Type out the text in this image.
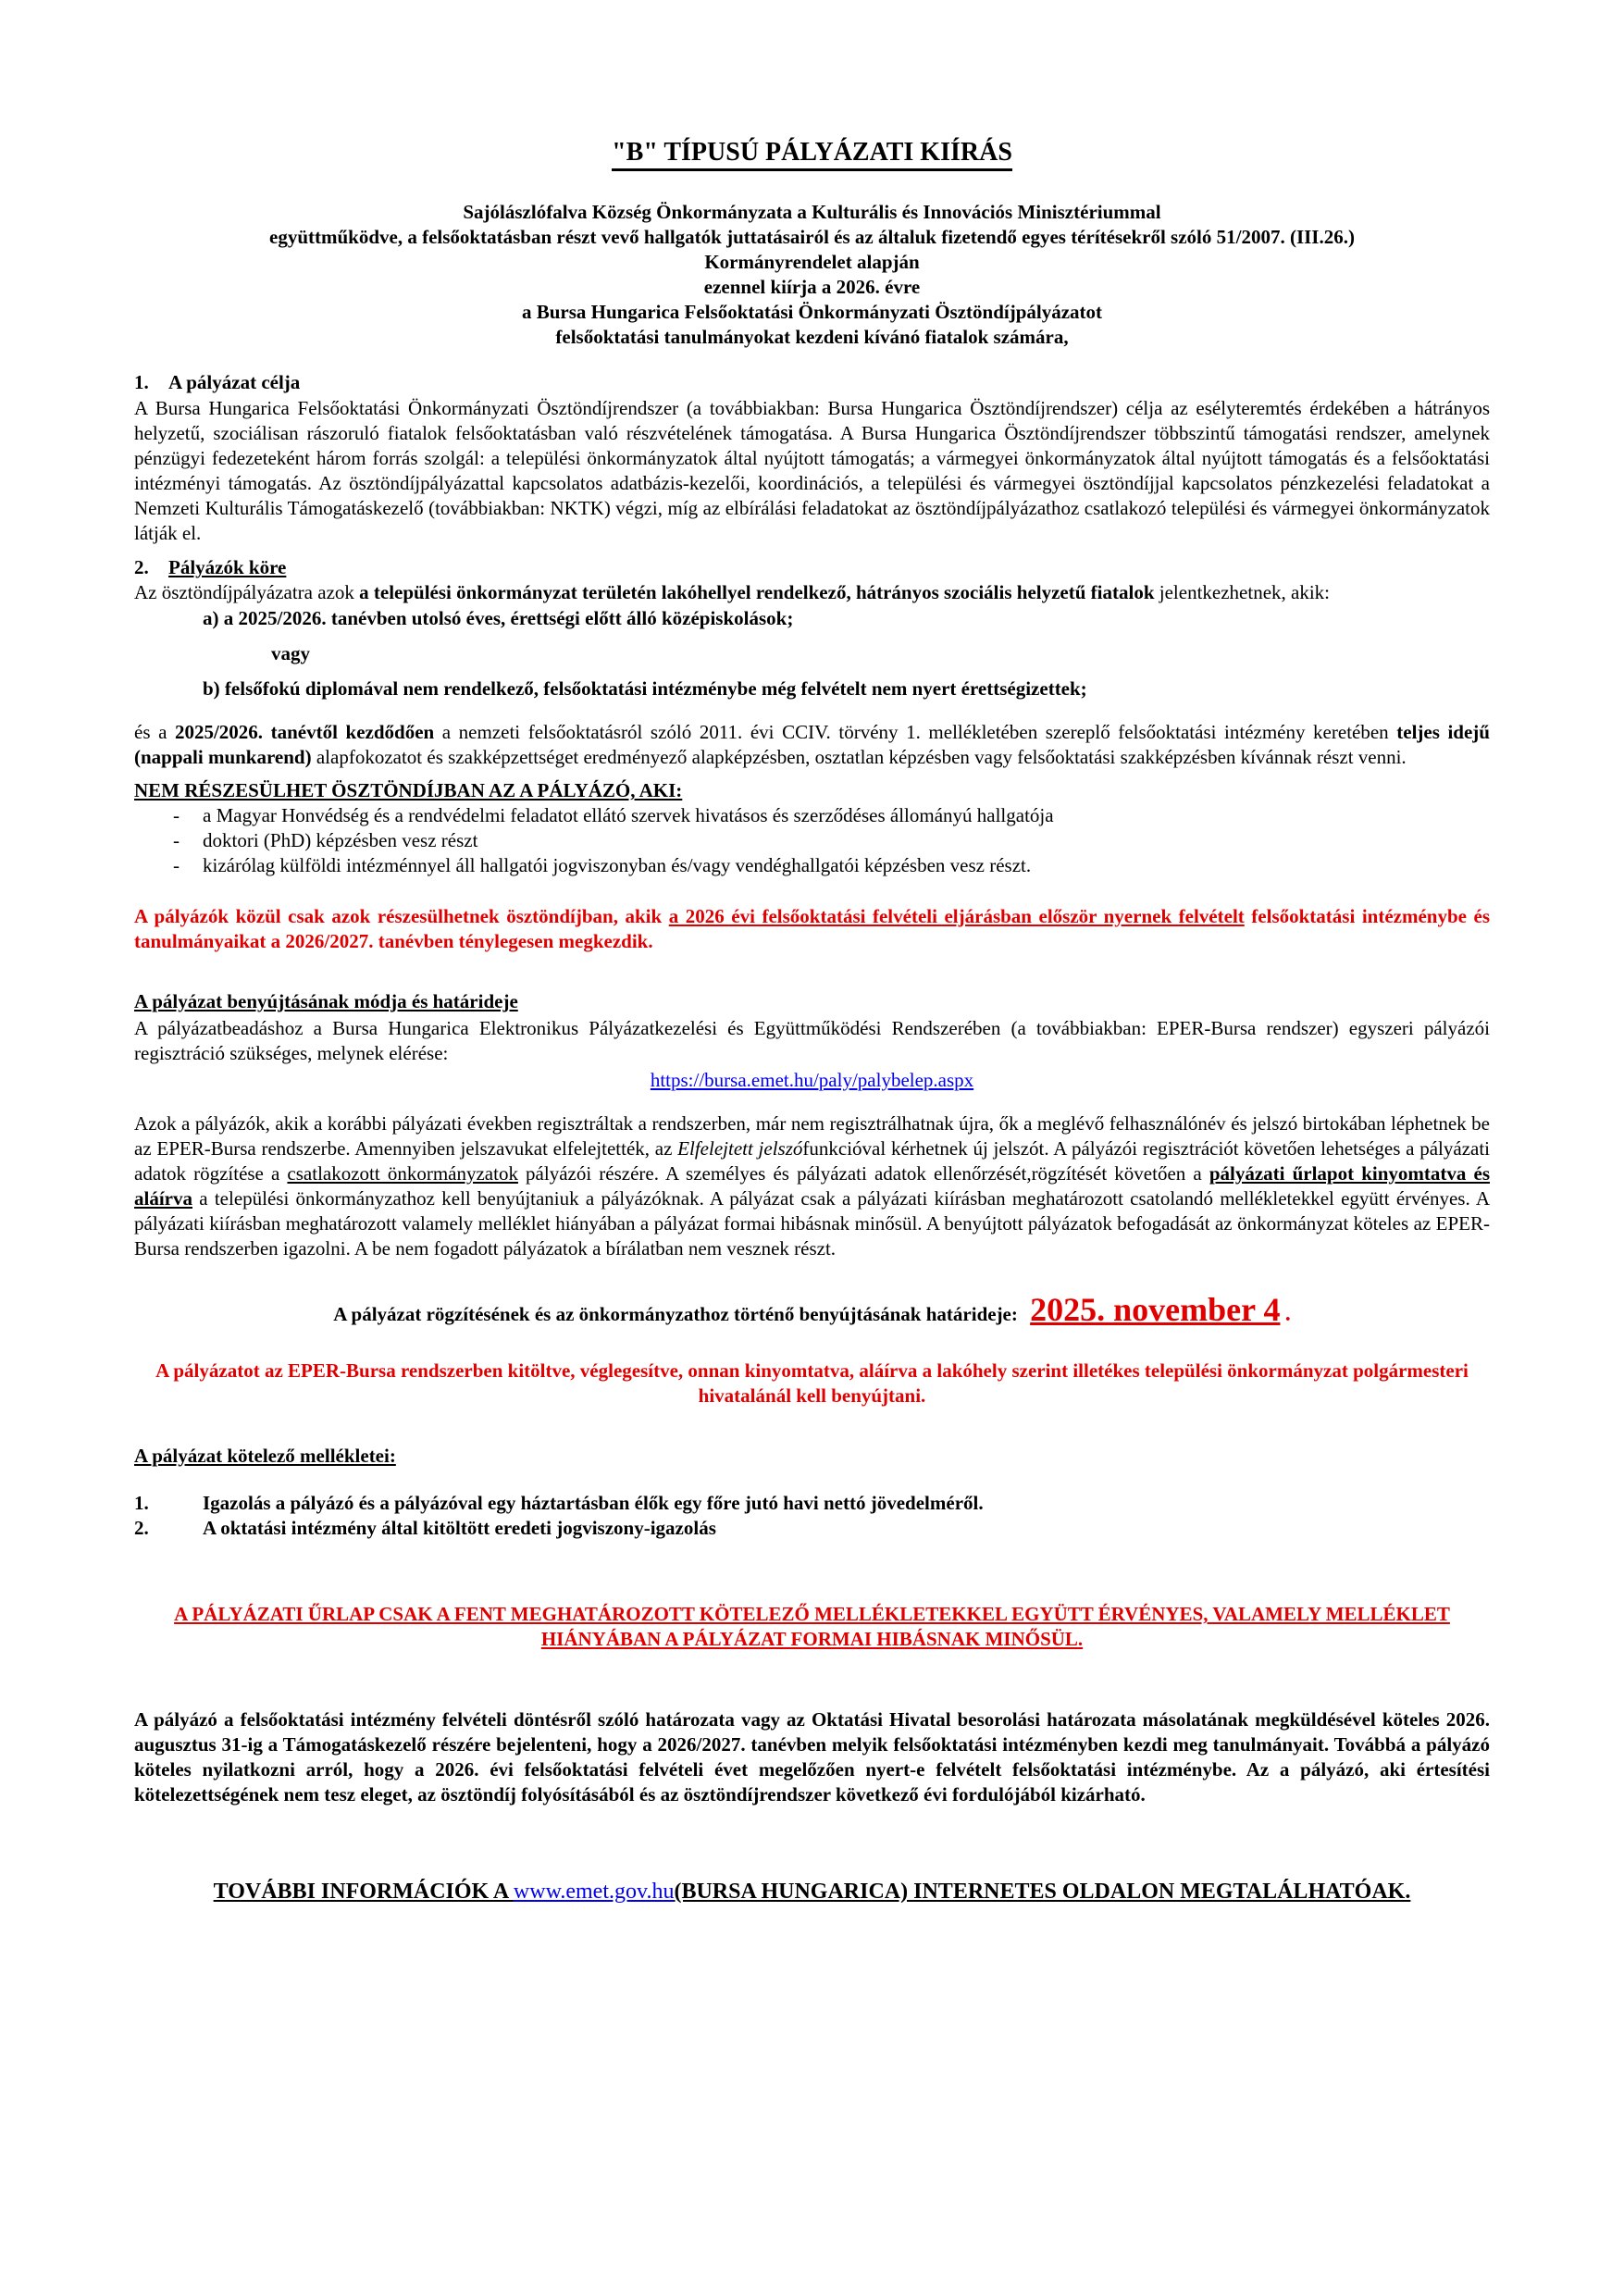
"B" TÍPUSÚ PÁLYÁZATI KIÍRÁS
Sajólászlófalva Község Önkormányzata a Kulturális és Innovációs Minisztériummal
együttműködve, a felsőoktatásban részt vevő hallgatók juttatásairól és az általuk fizetendő egyes térítésekről szóló 51/2007. (III.26.)
Kormányrendelet alapján
ezennel kiírja a 2026. évre
a Bursa Hungarica Felsőoktatási Önkormányzati Ösztöndíjpályázatot
felsőoktatási tanulmányokat kezdeni kívánó fiatalok számára,
1.	A pályázat célja

A Bursa Hungarica Felsőoktatási Önkormányzati Ösztöndíjrendszer (a továbbiakban: Bursa Hungarica Ösztöndíjrendszer) célja az esélyteremtés érdekében a hátrányos helyzetű, szociálisan rászoruló fiatalok felsőoktatásban való részvételének támogatása. A Bursa Hungarica Ösztöndíjrendszer többszintű támogatási rendszer, amelynek pénzügyi fedezeteként három forrás szolgál: a települési önkormányzatok által nyújtott támogatás; a vármegyei önkormányzatok által nyújtott támogatás és a felsőoktatási intézményi támogatás. Az ösztöndíjpályázattal kapcsolatos adatbázis-kezelői, koordinációs, a települési és vármegyei ösztöndíjjal kapcsolatos pénzkezelési feladatokat a Nemzeti Kulturális Támogatáskezelő (továbbiakban: NKTK) végzi, míg az elbírálási feladatokat az ösztöndíjpályázathoz csatlakozó települési és vármegyei önkormányzatok látják el.

2.	Pályázók köre

Az ösztöndíjpályázatra azok a települési önkormányzat területén lakóhellyel rendelkező, hátrányos szociális helyzetű fiatalok jelentkezhetnek, akik:

a) a 2025/2026. tanévben utolsó éves, érettségi előtt álló középiskolások;

vagy

b) felsőfokú diplomával nem rendelkező, felsőoktatási intézménybe még felvételt nem nyert érettségizettek;

és a 2025/2026. tanévtől kezdődően a nemzeti felsőoktatásról szóló 2011. évi CCIV. törvény 1. mellékletében szereplő felsőoktatási intézmény keretében teljes idejű (nappali munkarend) alapfokozatot és szakképzettséget eredményező alapképzésben, osztatlan képzésben vagy felsőoktatási szakképzésben kívánnak részt venni.

NEM RÉSZESÜLHET ÖSZTÖNDÍJBAN AZ A PÁLYÁZÓ, AKI:

-	a Magyar Honvédség és a rendvédelmi feladatot ellátó szervek hivatásos és szerződéses állományú hallgatója
-	doktori (PhD) képzésben vesz részt
-	kizárólag külföldi intézménnyel áll hallgatói jogviszonyban és/vagy vendéghallgatói képzésben vesz részt.

A pályázók közül csak azok részesülhetnek ösztöndíjban, akik a 2026 évi felsőoktatási felvételi eljárásban először nyernek felvételt felsőoktatási intézménybe és tanulmányaikat a 2026/2027. tanévben ténylegesen megkezdik.

A pályázat benyújtásának módja és határideje

A pályázatbeadáshoz a Bursa Hungarica Elektronikus Pályázatkezelési és Együttműködési Rendszerében (a továbbiakban: EPER-Bursa rendszer) egyszeri pályázói regisztráció szükséges, melynek elérése:

https://bursa.emet.hu/paly/palybelep.aspx

Azok a pályázók, akik a korábbi pályázati években regisztráltak a rendszerben, már nem regisztrálhatnak újra, ők a meglévő felhasználónév és jelszó birtokában léphetnek be az EPER-Bursa rendszerbe. Amennyiben jelszavukat elfelejtették, az Elfelejtett jelszófunkcióval kérhetnek új jelszót. A pályázói regisztrációt követően lehetséges a pályázati adatok rögzítése a csatlakozott önkormányzatok pályázói részére. A személyes és pályázati adatok ellenőrzését,rögzítését követően a pályázati űrlapot kinyomtatva és aláírva a települési önkormányzathoz kell benyújtaniuk a pályázóknak. A pályázat csak a pályázati kiírásban meghatározott csatolandó mellékletekkel együtt érvényes. A pályázati kiírásban meghatározott valamely melléklet hiányában a pályázat formai hibásnak minősül. A benyújtott pályázatok befogadását az önkormányzat köteles az EPER-Bursa rendszerben igazolni. A be nem fogadott pályázatok a bírálatban nem vesznek részt.

A pályázat rögzítésének és az önkormányzathoz történő benyújtásának határideje: 2025. november 4 .

A pályázatot az EPER-Bursa rendszerben kitöltve, véglegesítve, onnan kinyomtatva, aláírva a lakóhely szerint illetékes települési önkormányzat polgármesteri hivatalánál kell benyújtani.

A pályázat kötelező mellékletei:

1.	Igazolás a pályázó és a pályázóval egy háztartásban élők egy főre jutó havi nettó jövedelméről.
2.	A oktatási intézmény által kitöltött eredeti jogviszony-igazolás

A PÁLYÁZATI ŰRLAP CSAK A FENT MEGHATÁROZOTT KÖTELEZŐ MELLÉKLETEKKEL EGYÜTT ÉRVÉNYES, VALAMELY MELLÉKLET HIÁNYÁBAN A PÁLYÁZAT FORMAI HIBÁSNAK MINŐSÜL.

A pályázó a felsőoktatási intézmény felvételi döntésről szóló határozata vagy az Oktatási Hivatal besorolási határozata másolatának megküldésével köteles 2026. augusztus 31-ig a Támogatáskezelő részére bejelenteni, hogy a 2026/2027. tanévben melyik felsőoktatási intézményben kezdi meg tanulmányait. Továbbá a pályázó köteles nyilatkozni arról, hogy a 2026. évi felsőoktatási felvételi évet megelőzően nyert-e felvételt felsőoktatási intézménybe. Az a pályázó, aki értesítési kötelezettségének nem tesz eleget, az ösztöndíj folyósításából és az ösztöndíjrendszer következő évi fordulójából kizárható.

TOVÁBBI INFORMÁCIÓK A www.emet.gov.hu(BURSA HUNGARICA) INTERNETES OLDALON MEGTALÁLHATÓAK.
